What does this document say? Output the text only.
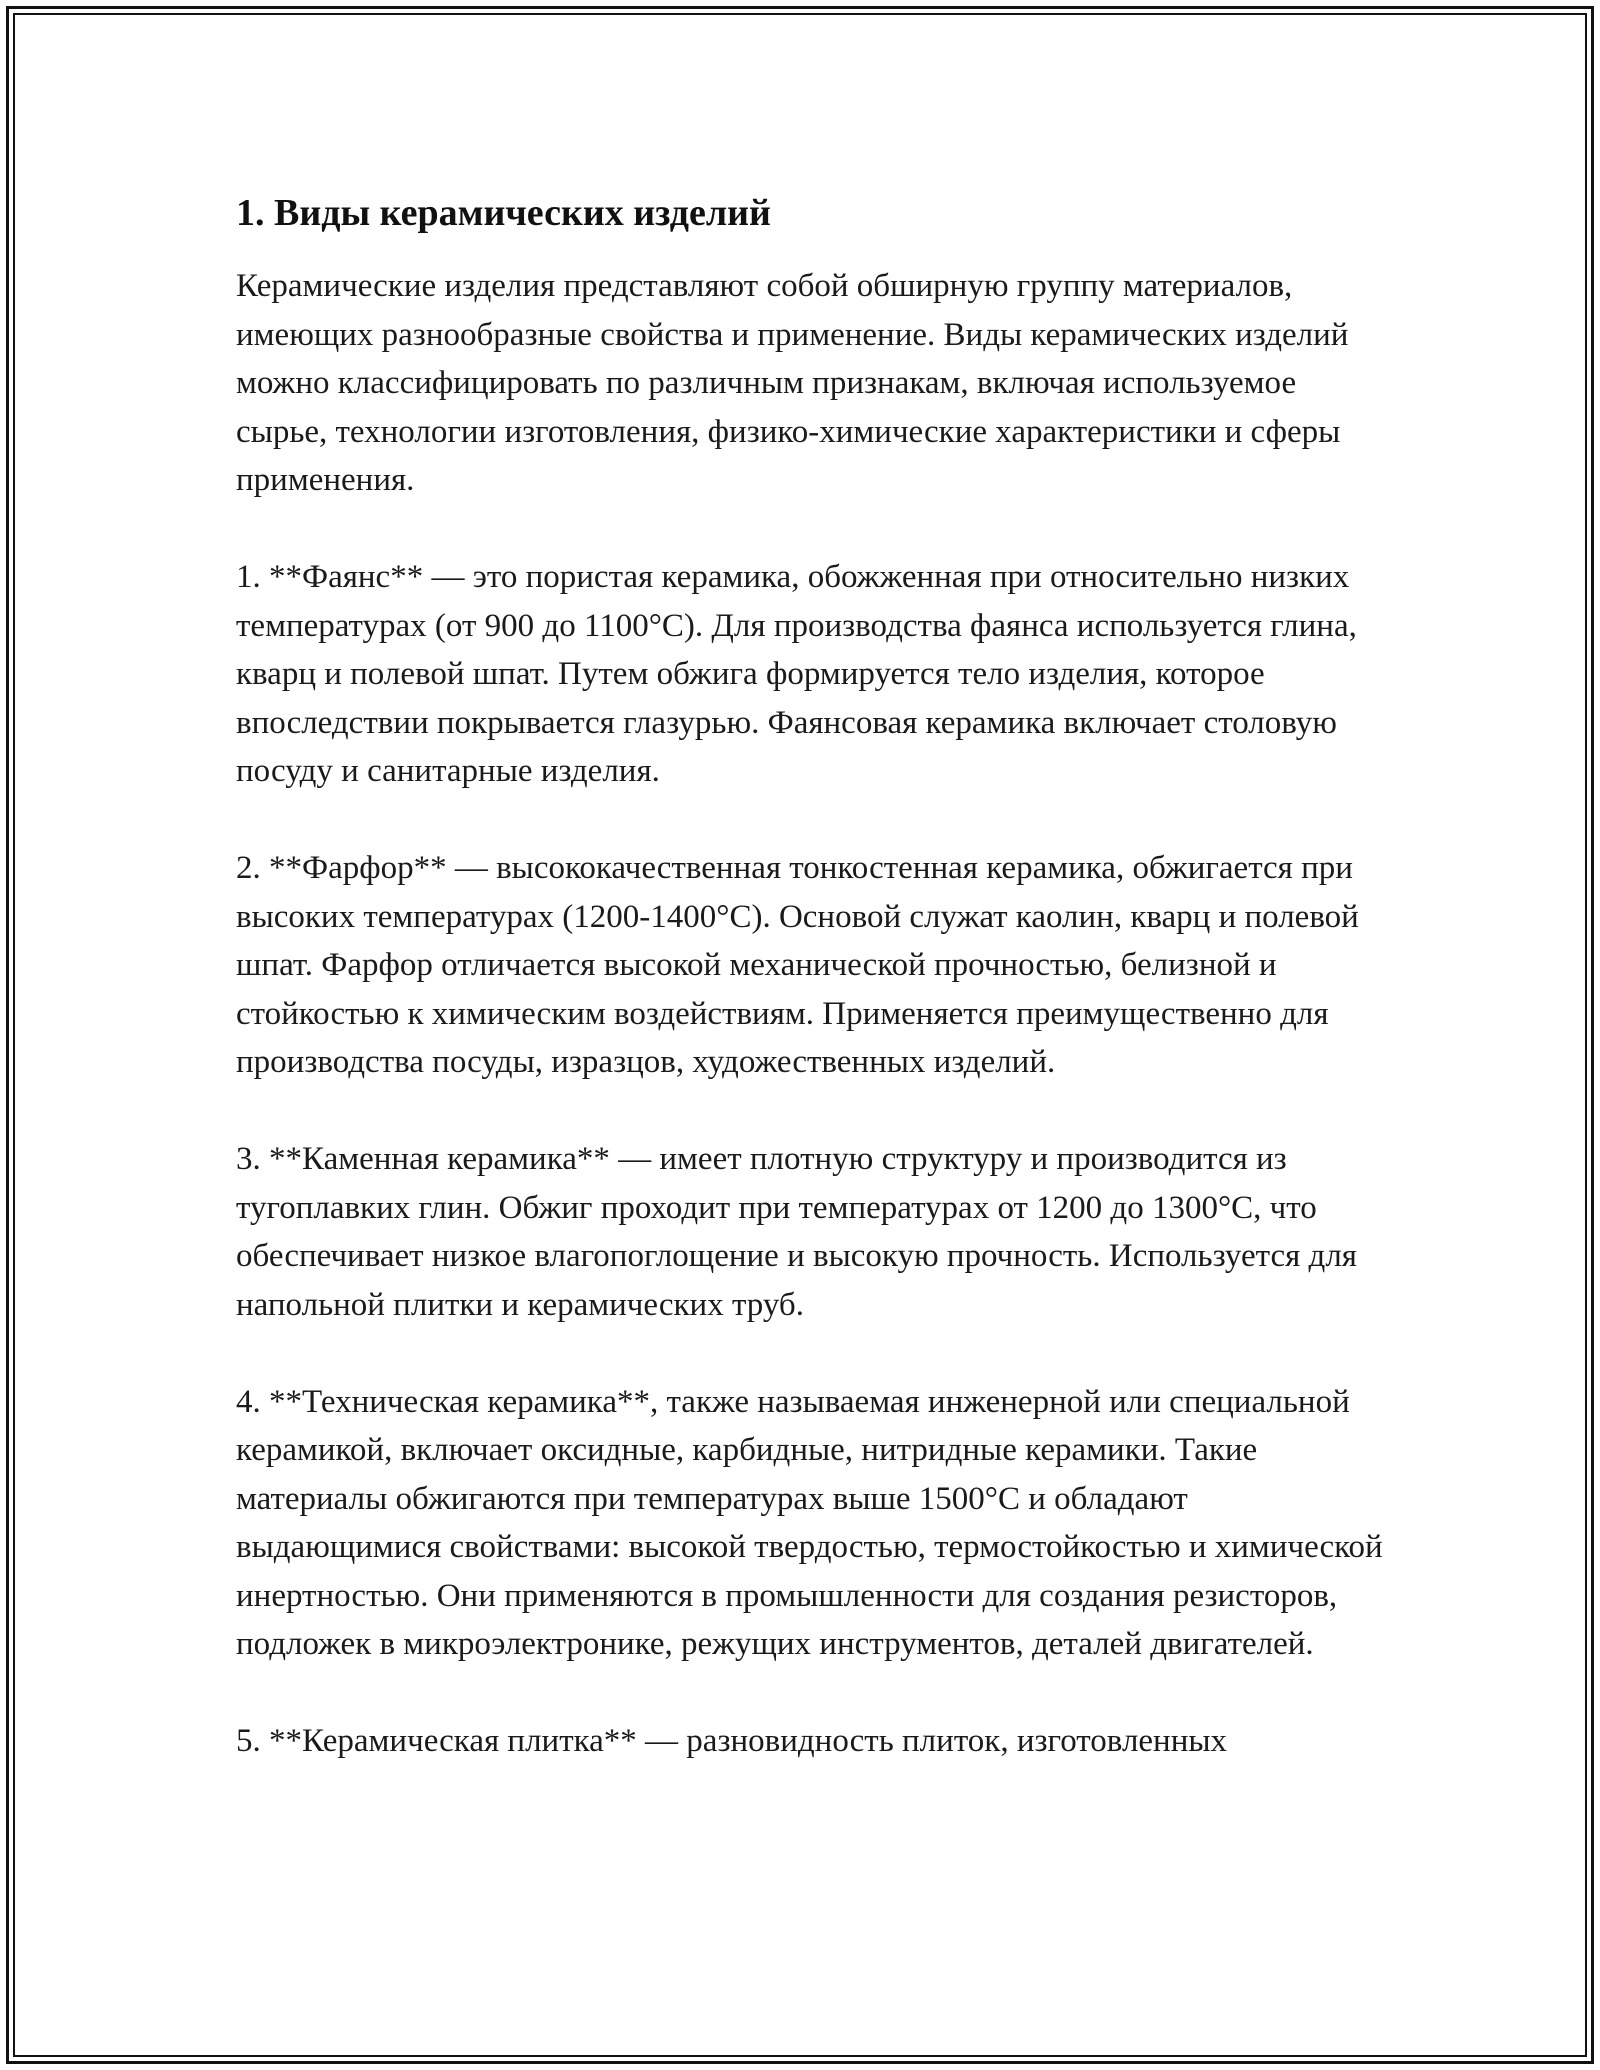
1. Виды керамических изделий

Керамические изделия представляют собой обширную группу материалов, имеющих разнообразные свойства и применение. Виды керамических изделий можно классифицировать по различным признакам, включая используемое сырье, технологии изготовления, физико-химические характеристики и сферы применения.

1. **Фаянс** — это пористая керамика, обожженная при относительно низких температурах (от 900 до 1100°C). Для производства фаянса используется глина, кварц и полевой шпат. Путем обжига формируется тело изделия, которое впоследствии покрывается глазурью. Фаянсовая керамика включает столовую посуду и санитарные изделия.

2. **Фарфор** — высококачественная тонкостенная керамика, обжигается при высоких температурах (1200-1400°C). Основой служат каолин, кварц и полевой шпат. Фарфор отличается высокой механической прочностью, белизной и стойкостью к химическим воздействиям. Применяется преимущественно для производства посуды, изразцов, художественных изделий.

3. **Каменная керамика** — имеет плотную структуру и производится из тугоплавких глин. Обжиг проходит при температурах от 1200 до 1300°C, что обеспечивает низкое влагопоглощение и высокую прочность. Используется для напольной плитки и керамических труб.

4. **Техническая керамика**, также называемая инженерной или специальной керамикой, включает оксидные, карбидные, нитридные керамики. Такие материалы обжигаются при температурах выше 1500°C и обладают выдающимися свойствами: высокой твердостью, термостойкостью и химической инертностью. Они применяются в промышленности для создания резисторов, подложек в микроэлектронике, режущих инструментов, деталей двигателей.

5. **Керамическая плитка** — разновидность плиток, изготовленных
